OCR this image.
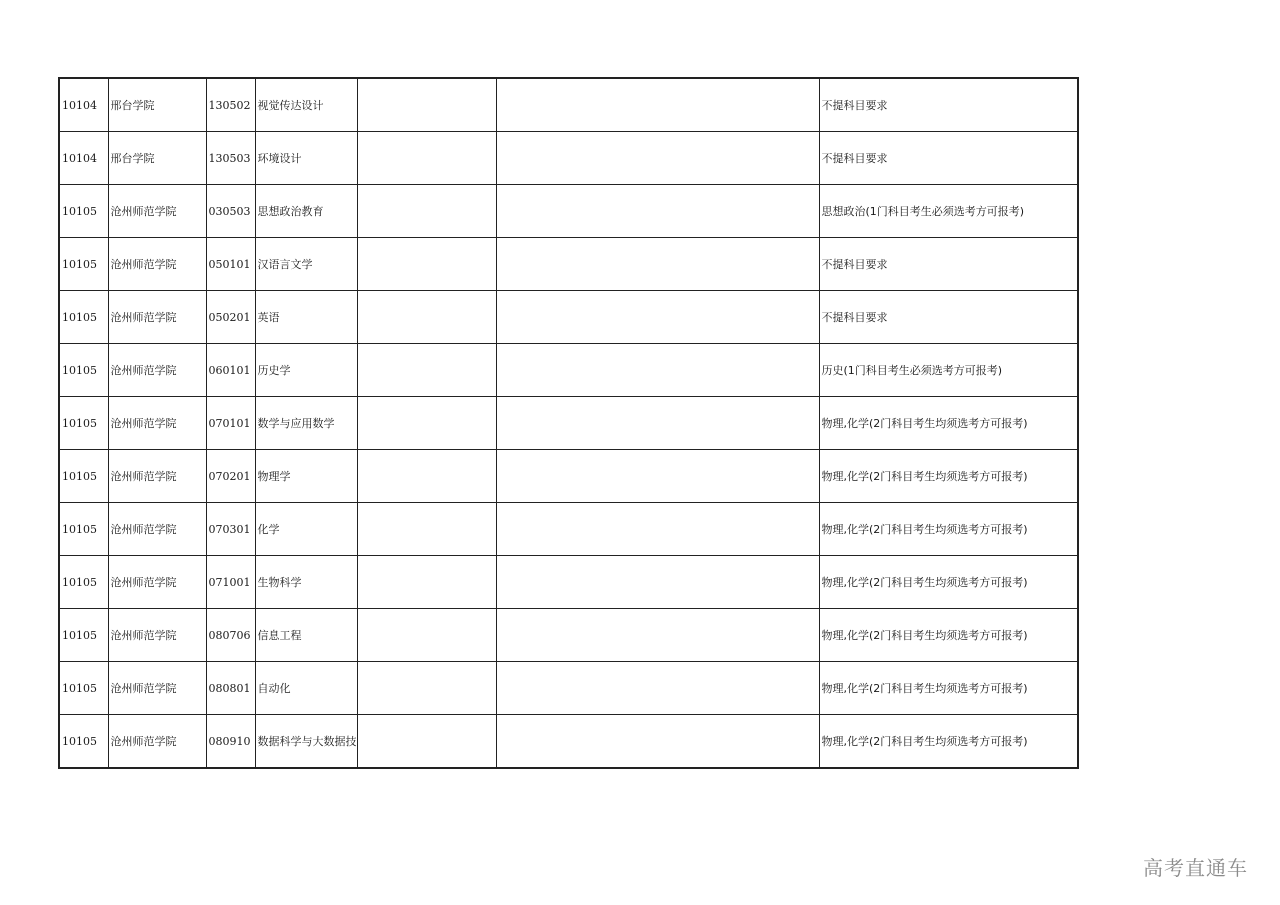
10104	邢台学院	130502	视觉传达设计			不提科目要求
10104	邢台学院	130503	环境设计			不提科目要求
10105	沧州师范学院	030503	思想政治教育			思想政治(1门科目考生必须选考方可报考)
10105	沧州师范学院	050101	汉语言文学			不提科目要求
10105	沧州师范学院	050201	英语			不提科目要求
10105	沧州师范学院	060101	历史学			历史(1门科目考生必须选考方可报考)
10105	沧州师范学院	070101	数学与应用数学			物理,化学(2门科目考生均须选考方可报考)
10105	沧州师范学院	070201	物理学			物理,化学(2门科目考生均须选考方可报考)
10105	沧州师范学院	070301	化学			物理,化学(2门科目考生均须选考方可报考)
10105	沧州师范学院	071001	生物科学			物理,化学(2门科目考生均须选考方可报考)
10105	沧州师范学院	080706	信息工程			物理,化学(2门科目考生均须选考方可报考)
10105	沧州师范学院	080801	自动化			物理,化学(2门科目考生均须选考方可报考)
10105	沧州师范学院	080910	数据科学与大数据技			物理,化学(2门科目考生均须选考方可报考)
高考直通车
